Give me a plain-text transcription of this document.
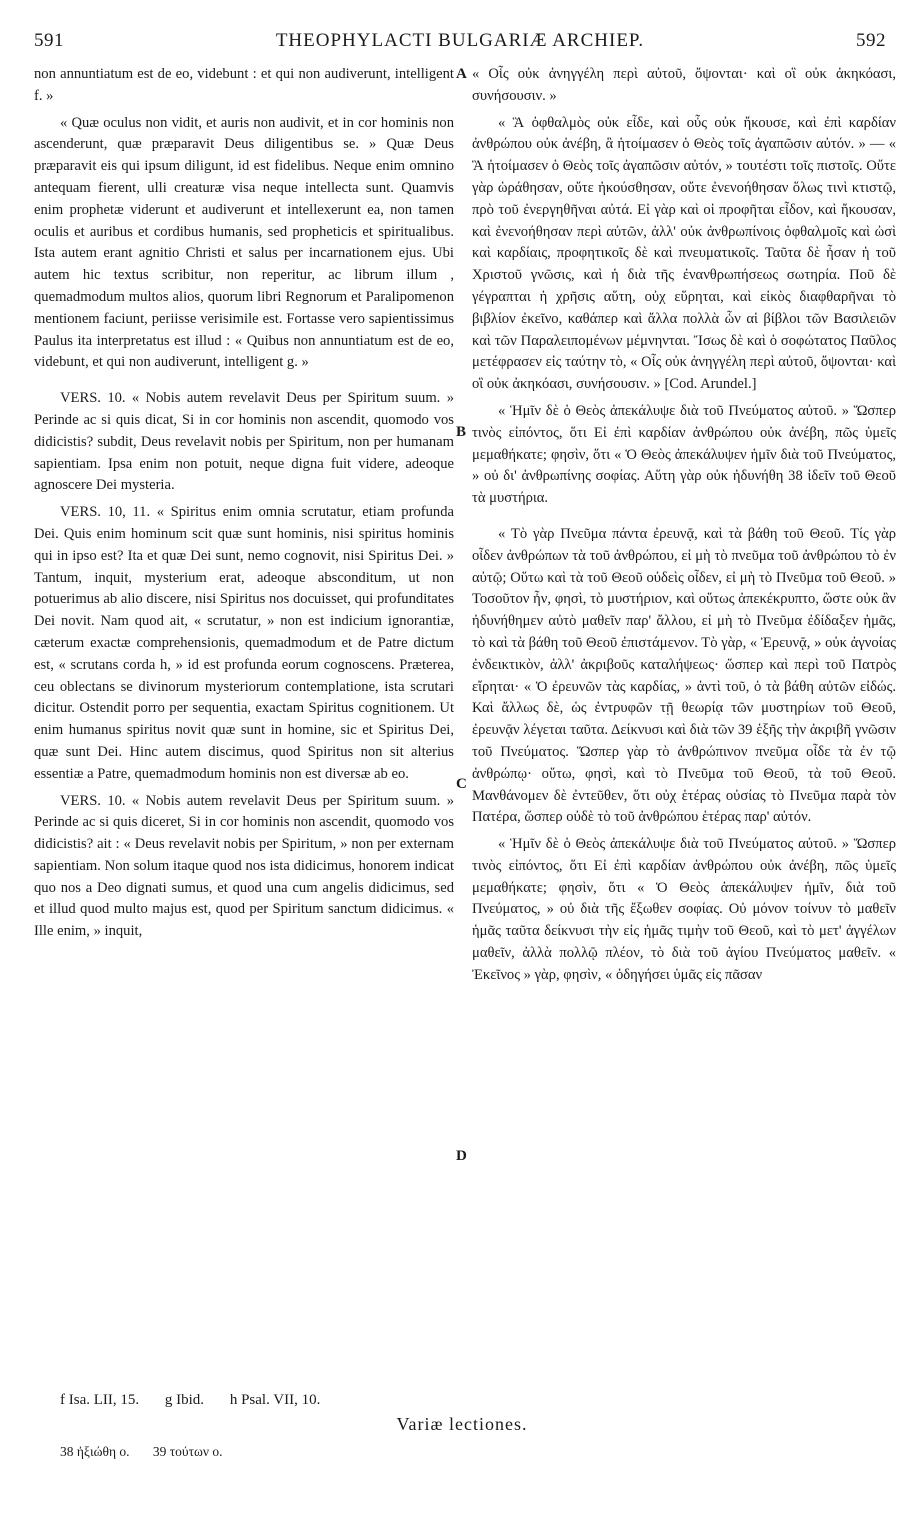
591	THEOPHYLACTI BULGARIÆ ARCHIEP.	592

non annuntiatum est de eo, videbunt : et qui non audiverunt, intelligent f. »

« Quæ oculus non vidit, et auris non audivit, et in cor hominis non ascenderunt, quæ præparavit Deus diligentibus se. » Quæ Deus præparavit eis qui ipsum diligunt, id est fidelibus. Neque enim omnino antequam fierent, ulli creaturæ visa neque intellecta sunt. Quamvis enim prophetæ viderunt et audiverunt et intellexerunt ea, non tamen oculis et auribus et cordibus humanis, sed propheticis et spiritualibus. Ista autem erant agnitio Christi et salus per incarnationem ejus. Ubi autem hic textus scribitur, non reperitur, ac librum illum , quemadmodum multos alios, quorum libri Regnorum et Paralipomenon mentionem faciunt, periisse verisimile est. Fortasse vero sapientissimus Paulus ita interpretatus est illud : « Quibus non annuntiatum est de eo, videbunt, et qui non audiverunt, intelligent g. »

VERS. 10. « Nobis autem revelavit Deus per Spiritum suum. » Perinde ac si quis dicat, Si in cor hominis non ascendit, quomodo vos didicistis? subdit, Deus revelavit nobis per Spiritum, non per humanam sapientiam. Ipsa enim non potuit, neque digna fuit videre, adeoque agnoscere Dei mysteria.

VERS. 10, 11. « Spiritus enim omnia scrutatur, etiam profunda Dei. Quis enim hominum scit quæ sunt hominis, nisi spiritus hominis qui in ipso est? Ita et quæ Dei sunt, nemo cognovit, nisi Spiritus Dei. » Tantum, inquit, mysterium erat, adeoque absconditum, ut non potuerimus ab alio discere, nisi Spiritus nos docuisset, qui profunditates Dei novit. Nam quod ait, « scrutatur, » non est indicium ignorantiæ, cæterum exactæ comprehensionis, quemadmodum et de Patre dictum est, « scrutans corda h, » id est profunda eorum cognoscens. Præterea, ceu oblectans se divinorum mysteriorum contemplatione, ista scrutari dicitur. Ostendit porro per sequentia, exactam Spiritus cognitionem. Ut enim humanus spiritus novit quæ sunt in homine, sic et Spiritus Dei, quæ sunt Dei. Hinc autem discimus, quod Spiritus non sit alterius essentiæ a Patre, quemadmodum hominis non est diversæ ab eo.

VERS. 10. « Nobis autem revelavit Deus per Spiritum suum. » Perinde ac si quis diceret, Si in cor hominis non ascendit, quomodo vos didicistis? ait : « Deus revelavit nobis per Spiritum, » non per externam sapientiam. Non solum itaque quod nos ista didicimus, honorem indicat quo nos a Deo dignati sumus, et quod una cum angelis didicimus, sed et illud quod multo majus est, quod per Spiritum sanctum didicimus. « Ille enim, » inquit,

« Οἷς οὐκ ἀνηγγέλη περὶ αὐτοῦ, ὄψονται· καὶ οἳ οὐκ ἀκηκόασι, συνήσουσιν. »

« Ἃ ὀφθαλμὸς οὐκ εἶδε, καὶ οὖς οὐκ ἤκουσε, καὶ ἐπὶ καρδίαν ἀνθρώπου οὐκ ἀνέβη, ἃ ἡτοίμασεν ὁ Θεὸς τοῖς ἀγαπῶσιν αὐτόν. » — « Ἃ ἡτοίμασεν ὁ Θεὸς τοῖς ἀγαπῶσιν αὐτόν, » τουτέστι τοῖς πιστοῖς. Οὔτε γὰρ ὡράθησαν, οὔτε ἠκούσθησαν, οὔτε ἐνενοήθησαν ὅλως τινὶ κτιστῷ, πρὸ τοῦ ἐνεργηθῆναι αὐτά. Εἰ γὰρ καὶ οἱ προφῆται εἶδον, καὶ ἤκουσαν, καὶ ἐνενοήθησαν περὶ αὐτῶν, ἀλλ' οὐκ ἀνθρωπίνοις ὀφθαλμοῖς καὶ ὠσὶ καὶ καρδίαις, προφητικοῖς δὲ καὶ πνευματικοῖς. Ταῦτα δὲ ἦσαν ἡ τοῦ Χριστοῦ γνῶσις, καὶ ἡ διὰ τῆς ἐνανθρωπήσεως σωτηρία. Ποῦ δὲ γέγραπται ἡ χρῆσις αὕτη, οὐχ εὕρηται, καὶ εἰκὸς διαφθαρῆναι τὸ βιβλίον ἐκεῖνο, καθάπερ καὶ ἄλλα πολλὰ ὧν αἱ βίβλοι τῶν Βασιλειῶν καὶ τῶν Παραλειπομένων μέμνηνται. Ἴσως δὲ καὶ ὁ σοφώτατος Παῦλος μετέφρασεν εἰς ταύτην τὸ, « Οἷς οὐκ ἀνηγγέλη περὶ αὐτοῦ, ὄψονται· καὶ οἳ οὐκ ἀκηκόασι, συνήσουσιν. » [Cod. Arundel.]

« Ἡμῖν δὲ ὁ Θεὸς ἀπεκάλυψε διὰ τοῦ Πνεύματος αὐτοῦ. » Ὥσπερ τινὸς εἰπόντος, ὅτι Εἰ ἐπὶ καρδίαν ἀνθρώπου οὐκ ἀνέβη, πῶς ὑμεῖς μεμαθήκατε; φησὶν, ὅτι « Ὁ Θεὸς ἀπεκάλυψεν ἡμῖν διὰ τοῦ Πνεύματος, » οὐ δι' ἀνθρωπίνης σοφίας. Αὕτη γὰρ οὐκ ἠδυνήθη 38 ἰδεῖν τοῦ Θεοῦ τὰ μυστήρια.

« Τὸ γὰρ Πνεῦμα πάντα ἐρευνᾷ, καὶ τὰ βάθη τοῦ Θεοῦ. Τίς γὰρ οἶδεν ἀνθρώπων τὰ τοῦ ἀνθρώπου, εἰ μὴ τὸ πνεῦμα τοῦ ἀνθρώπου τὸ ἐν αὐτῷ; Οὕτω καὶ τὰ τοῦ Θεοῦ οὐδεὶς οἶδεν, εἰ μὴ τὸ Πνεῦμα τοῦ Θεοῦ. » Τοσοῦτον ἦν, φησὶ, τὸ μυστήριον, καὶ οὕτως ἀπεκέκρυπτο, ὥστε οὐκ ἂν ἠδυνήθημεν αὐτὸ μαθεῖν παρ' ἄλλου, εἰ μὴ τὸ Πνεῦμα ἐδίδαξεν ἡμᾶς, τὸ καὶ τὰ βάθη τοῦ Θεοῦ ἐπιστάμενον. Τὸ γὰρ, « Ἐρευνᾷ, » οὐκ ἀγνοίας ἐνδεικτικὸν, ἀλλ' ἀκριβοῦς καταλήψεως· ὥσπερ καὶ περὶ τοῦ Πατρὸς εἴρηται· « Ὁ ἐρευνῶν τὰς καρδίας, » ἀντὶ τοῦ, ὁ τὰ βάθη αὐτῶν εἰδώς. Καὶ ἄλλως δὲ, ὡς ἐντρυφῶν τῇ θεωρίᾳ τῶν μυστηρίων τοῦ Θεοῦ, ἐρευνᾷν λέγεται ταῦτα. Δείκνυσι καὶ διὰ τῶν 39 ἑξῆς τὴν ἀκριβῆ γνῶσιν τοῦ Πνεύματος. Ὥσπερ γὰρ τὸ ἀνθρώπινον πνεῦμα οἶδε τὰ ἐν τῷ ἀνθρώπῳ· οὕτω, φησὶ, καὶ τὸ Πνεῦμα τοῦ Θεοῦ, τὰ τοῦ Θεοῦ. Μανθάνομεν δὲ ἐντεῦθεν, ὅτι οὐχ ἑτέρας οὐσίας τὸ Πνεῦμα παρὰ τὸν Πατέρα, ὥσπερ οὐδὲ τὸ τοῦ ἀνθρώπου ἑτέρας παρ' αὐτόν.

« Ἡμῖν δὲ ὁ Θεὸς ἀπεκάλυψε διὰ τοῦ Πνεύματος αὐτοῦ. » Ὥσπερ τινὸς εἰπόντος, ὅτι Εἰ ἐπὶ καρδίαν ἀνθρώπου οὐκ ἀνέβη, πῶς ὑμεῖς μεμαθήκατε; φησὶν, ὅτι « Ὁ Θεὸς ἀπεκάλυψεν ἡμῖν, διὰ τοῦ Πνεύματος, » οὐ διὰ τῆς ἔξωθεν σοφίας. Οὐ μόνον τοίνυν τὸ μαθεῖν ἡμᾶς ταῦτα δείκνυσι τὴν εἰς ἡμᾶς τιμὴν τοῦ Θεοῦ, καὶ τὸ μετ' ἀγγέλων μαθεῖν, ἀλλὰ πολλῷ πλέον, τὸ διὰ τοῦ ἁγίου Πνεύματος μαθεῖν. « Ἐκεῖνος » γὰρ, φησὶν, « ὁδηγήσει ὑμᾶς εἰς πᾶσαν

A
B
C
D
f Isa. LII, 15. g Ibid. h Psal. VII, 10.
Variæ lectiones.
38 ἠξιώθη ο. 39 τούτων ο.
